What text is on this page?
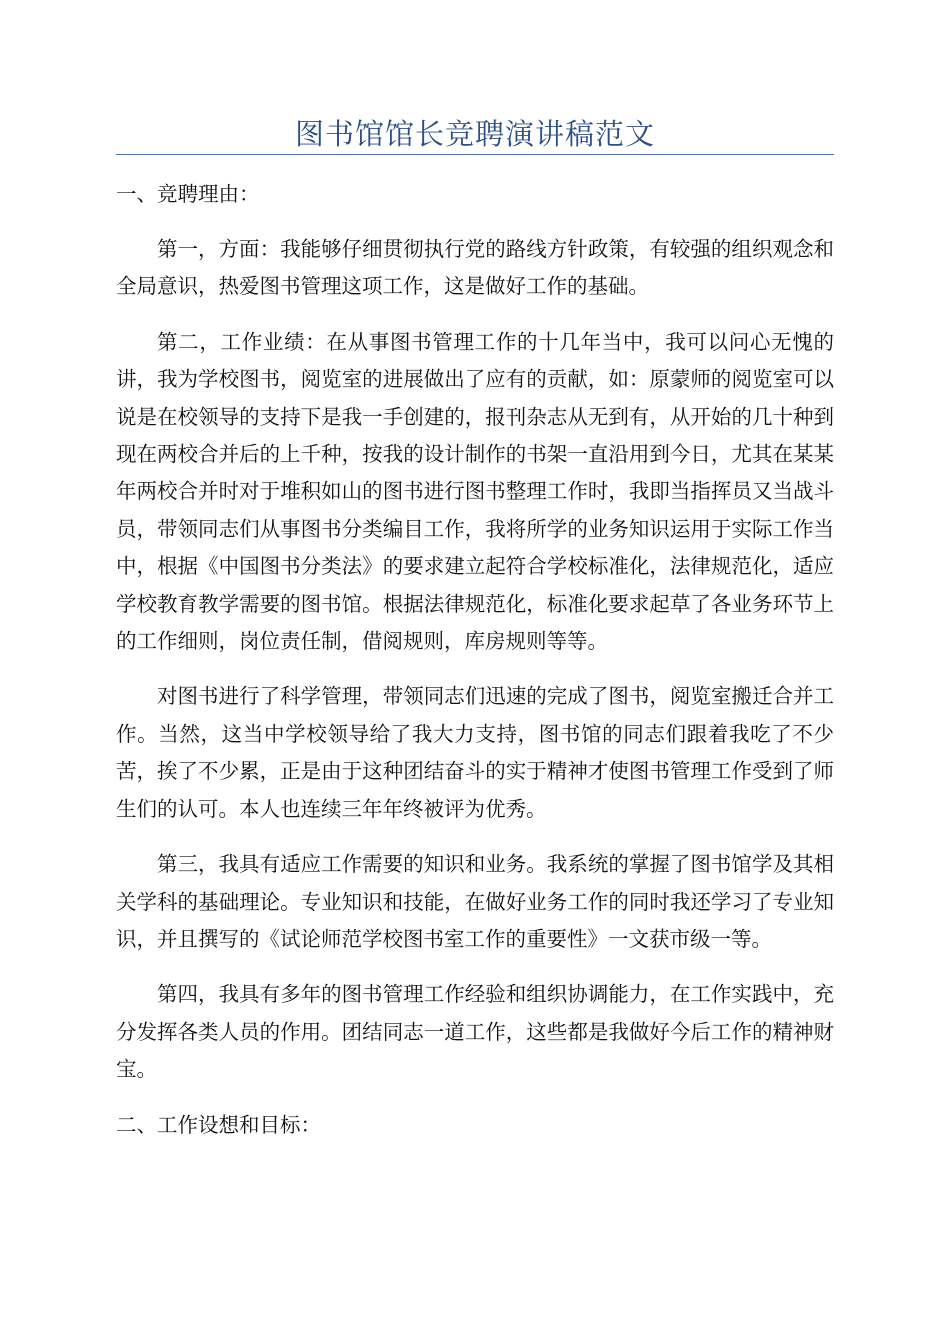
图书馆馆长竞聘演讲稿范文

一、竞聘理由：

第一，方面：我能够仔细贯彻执行党的路线方针政策，有较强的组织观念和全局意识，热爱图书管理这项工作，这是做好工作的基础。

第二，工作业绩：在从事图书管理工作的十几年当中，我可以问心无愧的讲，我为学校图书，阅览室的进展做出了应有的贡献，如：原蒙师的阅览室可以说是在校领导的支持下是我一手创建的，报刊杂志从无到有，从开始的几十种到现在两校合并后的上千种，按我的设计制作的书架一直沿用到今日，尤其在某某年两校合并时对于堆积如山的图书进行图书整理工作时，我即当指挥员又当战斗员，带领同志们从事图书分类编目工作，我将所学的业务知识运用于实际工作当中，根据《中国图书分类法》的要求建立起符合学校标准化，法律规范化，适应学校教育教学需要的图书馆。根据法律规范化，标准化要求起草了各业务环节上的工作细则，岗位责任制，借阅规则，库房规则等等。

对图书进行了科学管理，带领同志们迅速的完成了图书，阅览室搬迁合并工作。当然，这当中学校领导给了我大力支持，图书馆的同志们跟着我吃了不少苦，挨了不少累，正是由于这种团结奋斗的实于精神才使图书管理工作受到了师生们的认可。本人也连续三年年终被评为优秀。

第三，我具有适应工作需要的知识和业务。我系统的掌握了图书馆学及其相关学科的基础理论。专业知识和技能，在做好业务工作的同时我还学习了专业知识，并且撰写的《试论师范学校图书室工作的重要性》一文获市级一等。

第四，我具有多年的图书管理工作经验和组织协调能力，在工作实践中，充分发挥各类人员的作用。团结同志一道工作，这些都是我做好今后工作的精神财宝。

二、工作设想和目标：
